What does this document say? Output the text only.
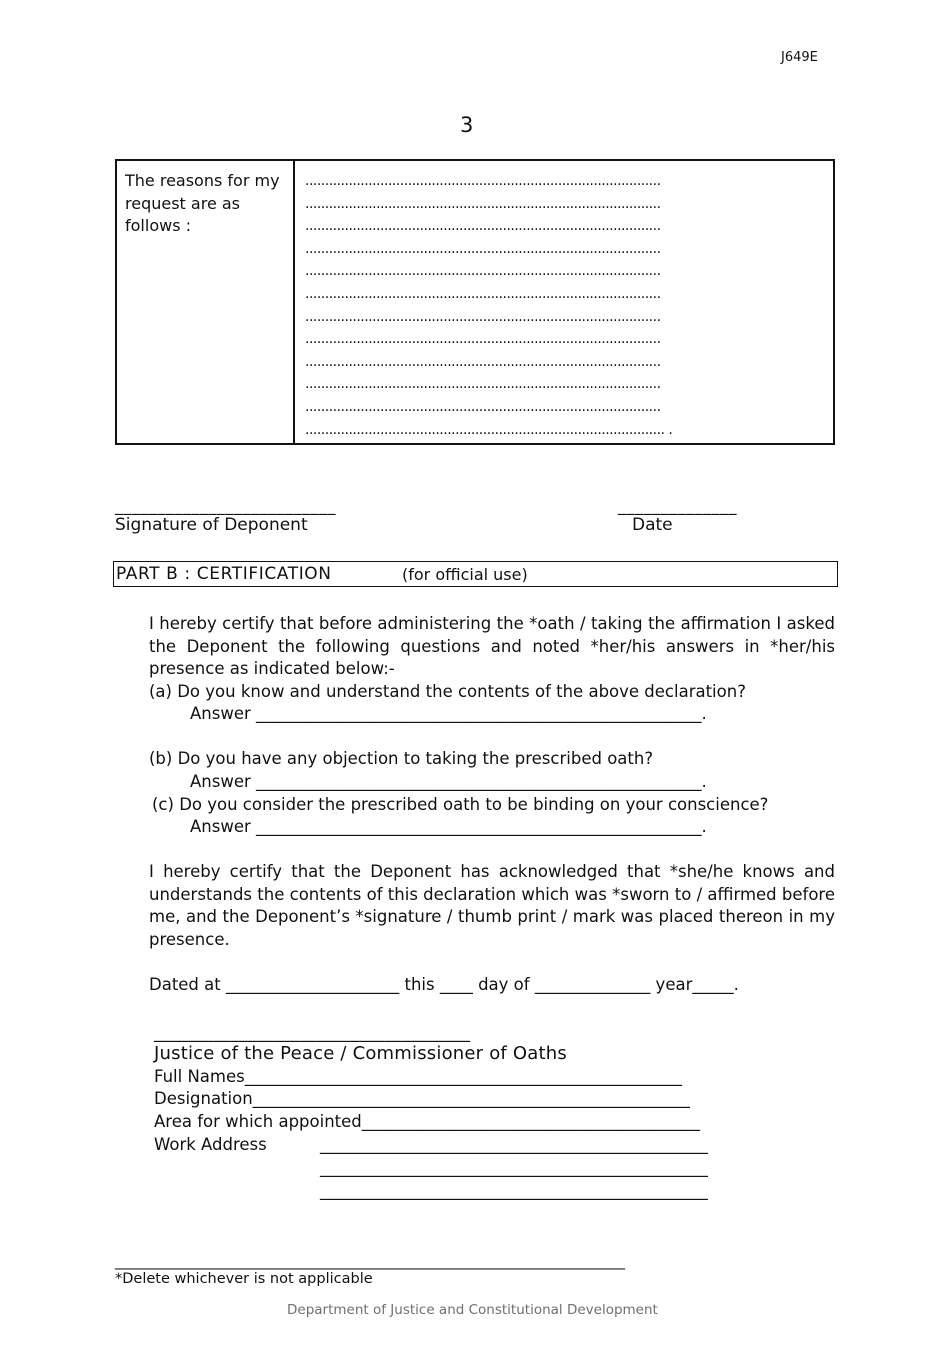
J649E
3
The reasons for my request are as follows :
..........................................................................................
..........................................................................................
..........................................................................................
..........................................................................................
..........................................................................................
..........................................................................................
..........................................................................................
..........................................................................................
..........................................................................................
..........................................................................................
..........................................................................................
........................................................................................... .
__________________________
Signature of Deponent
______________
Date
PART B : CERTIFICATION	(for official use)
I hereby certify that before administering the *oath / taking the affirmation I asked the Deponent the following questions and noted *her/his answers in *her/his presence as indicated below:-
(a) Do you know and understand the contents of the above declaration?
Answer ______________________________________________________.
(b) Do you have any objection to taking the prescribed oath?
Answer ______________________________________________________.
(c) Do you consider the prescribed oath to be binding on your conscience?
Answer ______________________________________________________.
I hereby certify that the Deponent has acknowledged that *she/he knows and understands the contents of this declaration which was *sworn to / affirmed before me, and the Deponent’s *signature / thumb print / mark was placed thereon in my presence.
Dated at _____________________ this ____ day of ______________ year_____.
_____________________________________
Justice of the Peace / Commissioner of Oaths
Full Names_____________________________________________________
Designation_____________________________________________________
Area for which appointed_________________________________________
Work Address	_______________________________________________
_______________________________________________
_______________________________________________
____________________________________________________________________
*Delete whichever is not applicable
Department of Justice and Constitutional Development
